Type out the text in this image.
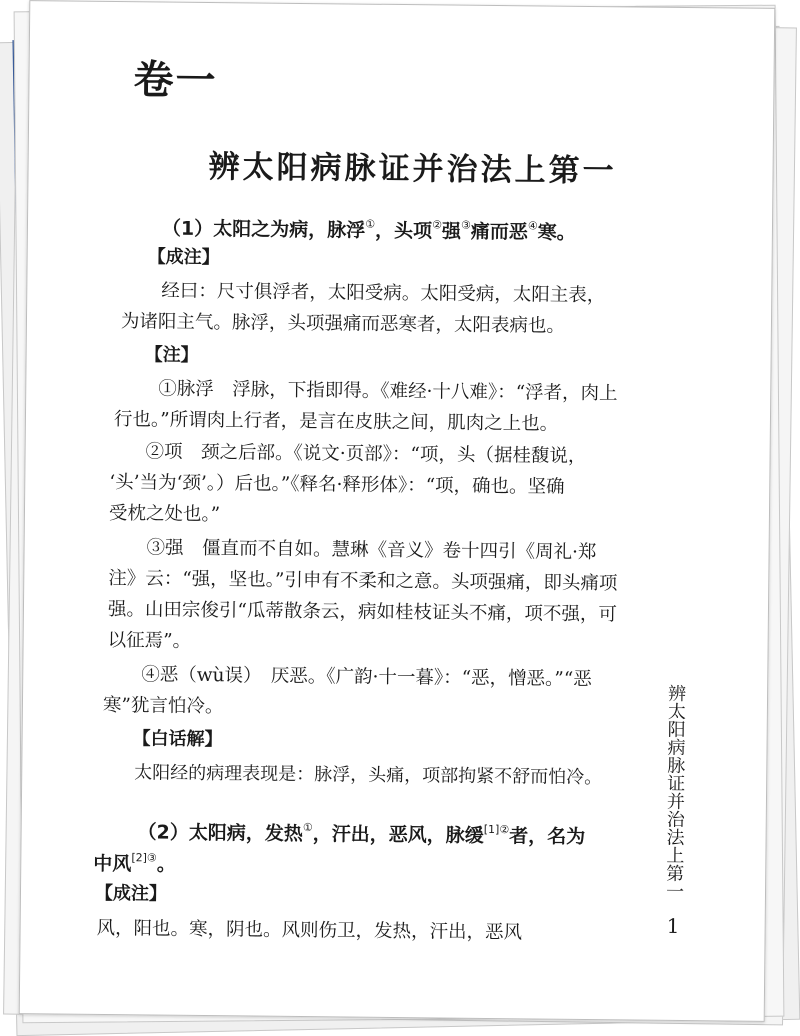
卷一
辨太阳病脉证并治法上第一
（1）太阳之为病，脉浮①，头项②强③痛而恶④寒。
【成注】
经曰：尺寸俱浮者，太阳受病。太阳受病，太阳主表，
为诸阳主气。脉浮，头项强痛而恶寒者，太阳表病也。
【注】
①脉浮　浮脉，下指即得。《难经·十八难》：“浮者，肉上
行也。”所谓肉上行者，是言在皮肤之间，肌肉之上也。
②项　颈之后部。《说文·页部》：“项，头（据桂馥说，
‘头’当为‘颈’。）后也。”《释名·释形体》：“项，确也。坚确
受枕之处也。”
③强　僵直而不自如。慧琳《音义》卷十四引《周礼·郑
注》云：“强，坚也。”引申有不柔和之意。头项强痛，即头痛项
强。山田宗俊引“瓜蒂散条云，病如桂枝证头不痛，项不强，可
以征焉”。
④恶（wù误）　厌恶。《广韵·十一暮》：“恶，憎恶。”“恶
寒”犹言怕冷。
【白话解】
太阳经的病理表现是：脉浮，头痛，项部拘紧不舒而怕冷。
（2）太阳病，发热①，汗出，恶风，脉缓$^{[1]②}$者，名为
中风$^{[2]③}$。
【成注】
风，阳也。寒，阴也。风则伤卫，发热，汗出，恶风
辨太阳病脉证并治法上第一
1
